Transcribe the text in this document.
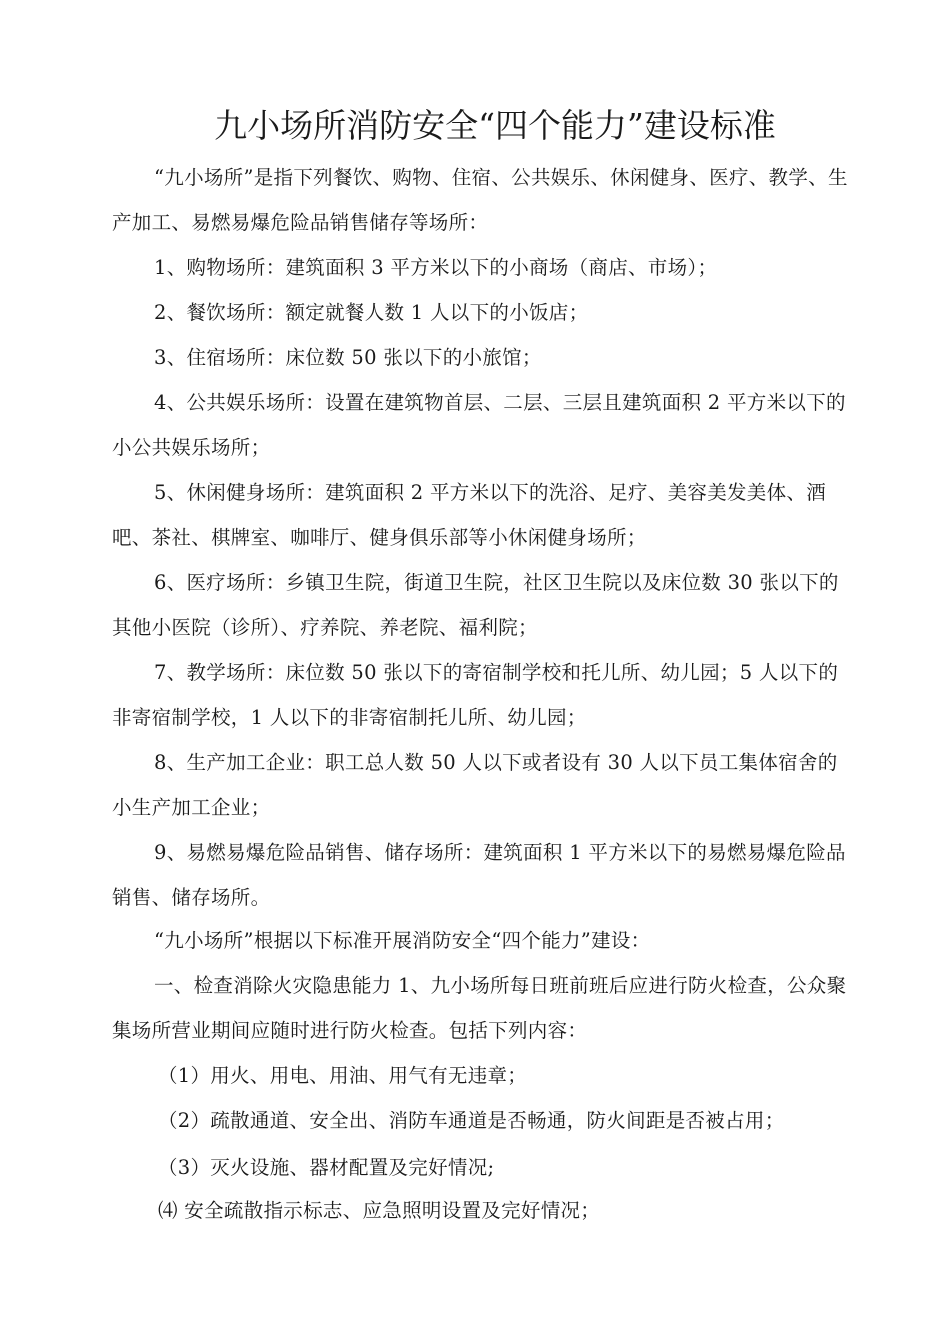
九小场所消防安全“四个能力”建设标准

“九小场所”是指下列餐饮、购物、住宿、公共娱乐、休闲健身、医疗、教学、生产加工、易燃易爆危险品销售储存等场所：

1、购物场所：建筑面积 3 平方米以下的小商场（商店、市场）；

2、餐饮场所：额定就餐人数 1 人以下的小饭店；

3、住宿场所：床位数 50 张以下的小旅馆；

4、公共娱乐场所：设置在建筑物首层、二层、三层且建筑面积 2 平方米以下的小公共娱乐场所；

5、休闲健身场所：建筑面积 2 平方米以下的洗浴、足疗、美容美发美体、酒吧、茶社、棋牌室、咖啡厅、健身俱乐部等小休闲健身场所；

6、医疗场所：乡镇卫生院，街道卫生院，社区卫生院以及床位数 30 张以下的其他小医院（诊所）、疗养院、养老院、福利院；

7、教学场所：床位数 50 张以下的寄宿制学校和托儿所、幼儿园；5 人以下的非寄宿制学校，1 人以下的非寄宿制托儿所、幼儿园；

8、生产加工企业：职工总人数 50 人以下或者设有 30 人以下员工集体宿舍的小生产加工企业；

9、易燃易爆危险品销售、储存场所：建筑面积 1 平方米以下的易燃易爆危险品销售、储存场所。

“九小场所”根据以下标准开展消防安全“四个能力”建设：

一、检查消除火灾隐患能力 1、九小场所每日班前班后应进行防火检查，公众聚集场所营业期间应随时进行防火检查。包括下列内容：

（1）用火、用电、用油、用气有无违章；
（2）疏散通道、安全出、消防车通道是否畅通，防火间距是否被占用；
（3）灭火设施、器材配置及完好情况;
⑷ 安全疏散指示标志、应急照明设置及完好情况；
